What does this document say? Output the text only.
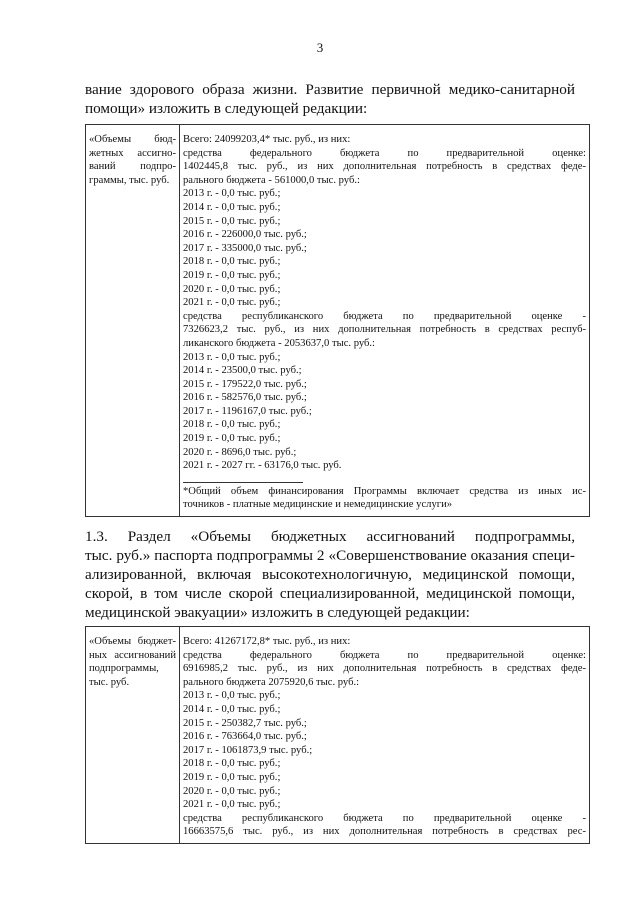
3
вание здорового образа жизни. Развитие первичной медико-санитарной
помощи» изложить в следующей редакции:
«Объемы бюд-
жетных ассигно-
ваний подпро-
граммы, тыс. руб.

Всего: 24099203,4* тыс. руб., из них:
средства федерального бюджета по предварительной оценке:
1402445,8 тыс. руб., из них дополнительная потребность в средствах феде-
рального бюджета - 561000,0 тыс. руб.:
2013 г. - 0,0 тыс. руб.;
2014 г. - 0,0 тыс. руб.;
2015 г. - 0,0 тыс. руб.;
2016 г. - 226000,0 тыс. руб.;
2017 г. - 335000,0 тыс. руб.;
2018 г. - 0,0 тыс. руб.;
2019 г. - 0,0 тыс. руб.;
2020 г. - 0,0 тыс. руб.;
2021 г. - 0,0 тыс. руб.;
средства республиканского бюджета по предварительной оценке -
7326623,2 тыс. руб., из них дополнительная потребность в средствах респуб-
ликанского бюджета - 2053637,0 тыс. руб.:
2013 г. - 0,0 тыс. руб.;
2014 г. - 23500,0 тыс. руб.;
2015 г. - 179522,0 тыс. руб.;
2016 г. - 582576,0 тыс. руб.;
2017 г. - 1196167,0 тыс. руб.;
2018 г. - 0,0 тыс. руб.;
2019 г. - 0,0 тыс. руб.;
2020 г. - 8696,0 тыс. руб.;
2021 г. - 2027 гг. - 63176,0 тыс. руб.
*Общий объем финансирования Программы включает средства из иных ис-
точников - платные медицинские и немедицинские услуги»
1.3. Раздел «Объемы бюджетных ассигнований подпрограммы,
тыс. руб.» паспорта подпрограммы 2 «Совершенствование оказания специ-
ализированной, включая высокотехнологичную, медицинской помощи,
скорой, в том числе скорой специализированной, медицинской помощи,
медицинской эвакуации» изложить в следующей редакции:
«Объемы бюджет-
ных ассигнований
подпрограммы,
тыс. руб.

Всего: 41267172,8* тыс. руб., из них:
средства федерального бюджета по предварительной оценке:
6916985,2 тыс. руб., из них дополнительная потребность в средствах феде-
рального бюджета 2075920,6 тыс. руб.:
2013 г. - 0,0 тыс. руб.;
2014 г. - 0,0 тыс. руб.;
2015 г. - 250382,7 тыс. руб.;
2016 г. - 763664,0 тыс. руб.;
2017 г. - 1061873,9 тыс. руб.;
2018 г. - 0,0 тыс. руб.;
2019 г. - 0,0 тыс. руб.;
2020 г. - 0,0 тыс. руб.;
2021 г. - 0,0 тыс. руб.;
средства республиканского бюджета по предварительной оценке -
16663575,6 тыс. руб., из них дополнительная потребность в средствах рес-
